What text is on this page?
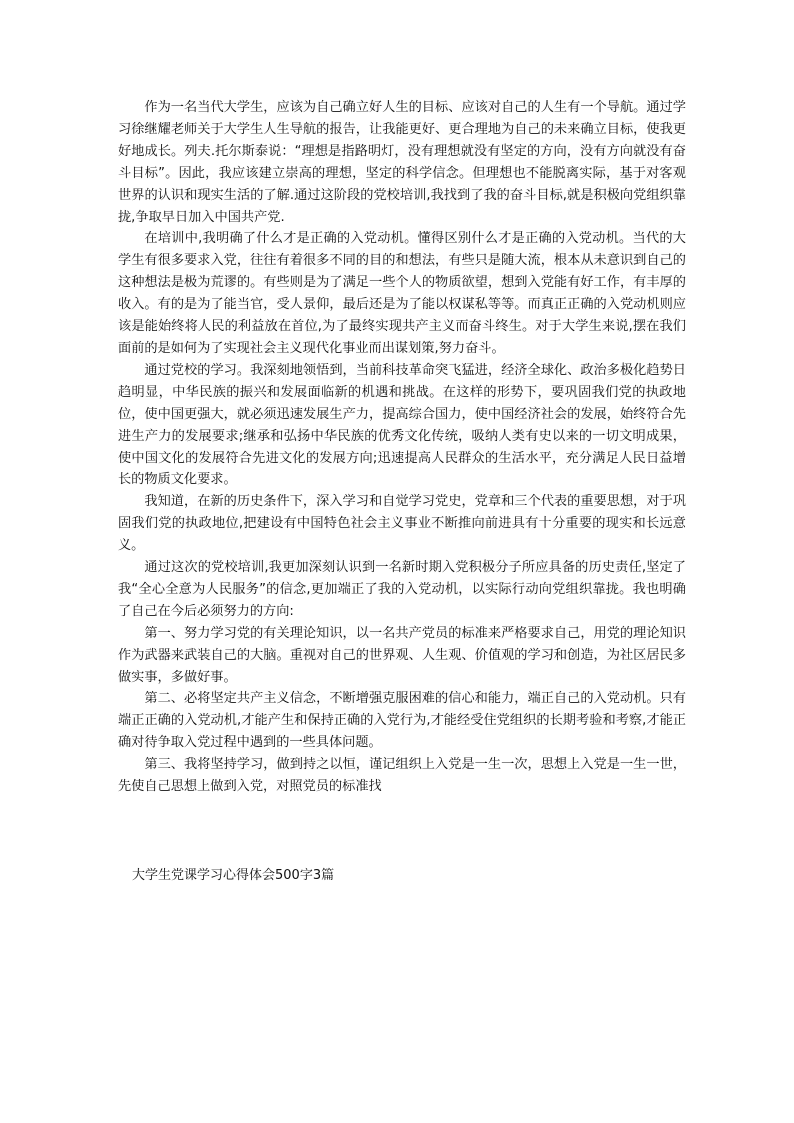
作为一名当代大学生，应该为自己确立好人生的目标、应该对自己的人生有一个导航。通过学习徐继耀老师关于大学生人生导航的报告，让我能更好、更合理地为自己的未来确立目标，使我更好地成长。列夫.托尔斯泰说：“理想是指路明灯，没有理想就没有坚定的方向，没有方向就没有奋斗目标”。因此，我应该建立崇高的理想，坚定的科学信念。但理想也不能脱离实际，基于对客观世界的认识和现实生活的了解.通过这阶段的党校培训,我找到了我的奋斗目标,就是积极向党组织靠拢,争取早日加入中国共产党.

在培训中,我明确了什么才是正确的入党动机。懂得区别什么才是正确的入党动机。当代的大学生有很多要求入党，往往有着很多不同的目的和想法，有些只是随大流，根本从未意识到自己的这种想法是极为荒谬的。有些则是为了满足一些个人的物质欲望，想到入党能有好工作，有丰厚的收入。有的是为了能当官，受人景仰，最后还是为了能以权谋私等等。而真正正确的入党动机则应该是能始终将人民的利益放在首位,为了最终实现共产主义而奋斗终生。对于大学生来说,摆在我们面前的是如何为了实现社会主义现代化事业而出谋划策,努力奋斗。

通过党校的学习。我深刻地领悟到，当前科技革命突飞猛进，经济全球化、政治多极化趋势日趋明显，中华民族的振兴和发展面临新的机遇和挑战。在这样的形势下，要巩固我们党的执政地位，使中国更强大，就必须迅速发展生产力，提高综合国力，使中国经济社会的发展，始终符合先进生产力的发展要求;继承和弘扬中华民族的优秀文化传统，吸纳人类有史以来的一切文明成果，使中国文化的发展符合先进文化的发展方向;迅速提高人民群众的生活水平，充分满足人民日益增长的物质文化要求。

我知道，在新的历史条件下，深入学习和自觉学习党史，党章和三个代表的重要思想，对于巩固我们党的执政地位,把建设有中国特色社会主义事业不断推向前进具有十分重要的现实和长远意义。

通过这次的党校培训,我更加深刻认识到一名新时期入党积极分子所应具备的历史责任,坚定了我“全心全意为人民服务”的信念,更加端正了我的入党动机，以实际行动向党组织靠拢。我也明确了自己在今后必须努力的方向:

第一、努力学习党的有关理论知识，以一名共产党员的标准来严格要求自己，用党的理论知识作为武器来武装自己的大脑。重视对自己的世界观、人生观、价值观的学习和创造，为社区居民多做实事，多做好事。

第二、必将坚定共产主义信念，不断增强克服困难的信心和能力，端正自己的入党动机。只有端正正确的入党动机,才能产生和保持正确的入党行为,才能经受住党组织的长期考验和考察,才能正确对待争取入党过程中遇到的一些具体问题。

第三、我将坚持学习，做到持之以恒，谨记组织上入党是一生一次，思想上入党是一生一世，先使自己思想上做到入党，对照党员的标准找

大学生党课学习心得体会500字3篇
